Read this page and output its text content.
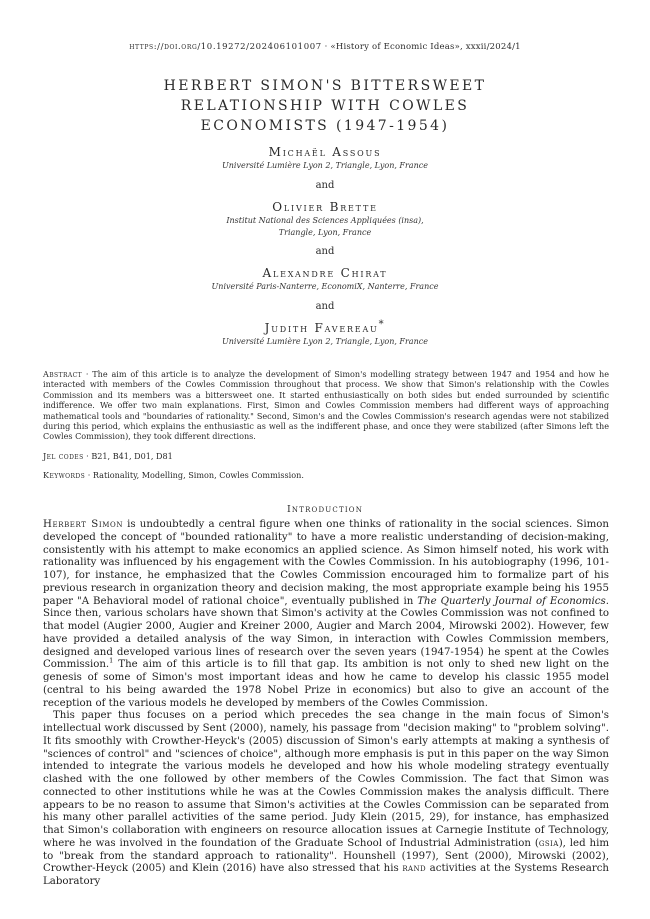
https://doi.org/10.19272/202406101007 · «History of Economic Ideas», xxxii/2024/1
HERBERT SIMON'S BITTERSWEET
RELATIONSHIP WITH COWLES
ECONOMISTS (1947-1954)
Michaël Assous
Université Lumière Lyon 2, Triangle, Lyon, France
and
Olivier Brette
Institut National des Sciences Appliquées (insa),
Triangle, Lyon, France
and
Alexandre Chirat
Université Paris-Nanterre, EconomiX, Nanterre, France
and
Judith Favereau*
Université Lumière Lyon 2, Triangle, Lyon, France
Abstract · The aim of this article is to analyze the development of Simon's modelling strategy between 1947 and 1954 and how he interacted with members of the Cowles Commission throughout that process. We show that Simon's relationship with the Cowles Commission and its members was a bittersweet one. It started enthusiastically on both sides but ended surrounded by scientific indifference. We offer two main explanations. First, Simon and Cowles Commission members had different ways of approaching mathematical tools and "boundaries of rationality." Second, Simon's and the Cowles Commission's research agendas were not stabilized during this period, which explains the enthusiastic as well as the indifferent phase, and once they were stabilized (after Simons left the Cowles Commission), they took different directions.
Jel codes · B21, B41, D01, D81
Keywords · Rationality, Modelling, Simon, Cowles Commission.
Introduction

Herbert Simon is undoubtedly a central figure when one thinks of rationality in the social sciences. Simon developed the concept of "bounded rationality" to have a more realistic understanding of decision-making, consistently with his attempt to make economics an applied science. As Simon himself noted, his work with rationality was influenced by his engagement with the Cowles Commission. In his autobiography (1996, 101-107), for instance, he emphasized that the Cowles Commission encouraged him to formalize part of his previous research in organization theory and decision making, the most appropriate example being his 1955 paper "A Behavioral model of rational choice", eventually published in The Quarterly Journal of Economics. Since then, various scholars have shown that Simon's activity at the Cowles Commission was not confined to that model (Augier 2000, Augier and Kreiner 2000, Augier and March 2004, Mirowski 2002). However, few have provided a detailed analysis of the way Simon, in interaction with Cowles Commission members, designed and developed various lines of research over the seven years (1947-1954) he spent at the Cowles Commission.$^1$ The aim of this article is to fill that gap. Its ambition is not only to shed new light on the genesis of some of Simon's most important ideas and how he came to develop his classic 1955 model (central to his being awarded the 1978 Nobel Prize in economics) but also to give an account of the reception of the various models he developed by members of the Cowles Commission.

This paper thus focuses on a period which precedes the sea change in the main focus of Simon's intellectual work discussed by Sent (2000), namely, his passage from "decision making" to "problem solving". It fits smoothly with Crowther-Heyck's (2005) discussion of Simon's early attempts at making a synthesis of "sciences of control" and "sciences of choice", although more emphasis is put in this paper on the way Simon intended to integrate the various models he developed and how his whole modeling strategy eventually clashed with the one followed by other members of the Cowles Commission. The fact that Simon was connected to other institutions while he was at the Cowles Commission makes the analysis difficult. There appears to be no reason to assume that Simon's activities at the Cowles Commission can be separated from his many other parallel activities of the same period. Judy Klein (2015, 29), for instance, has emphasized that Simon's collaboration with engineers on resource allocation issues at Carnegie Institute of Technology, where he was involved in the foundation of the Graduate School of Industrial Administration (gsia), led him to "break from the standard approach to rationality". Hounshell (1997), Sent (2000), Mirowski (2002), Crowther-Heyck (2005) and Klein (2016) have also stressed that his rand activities at the Systems Research Laboratory
